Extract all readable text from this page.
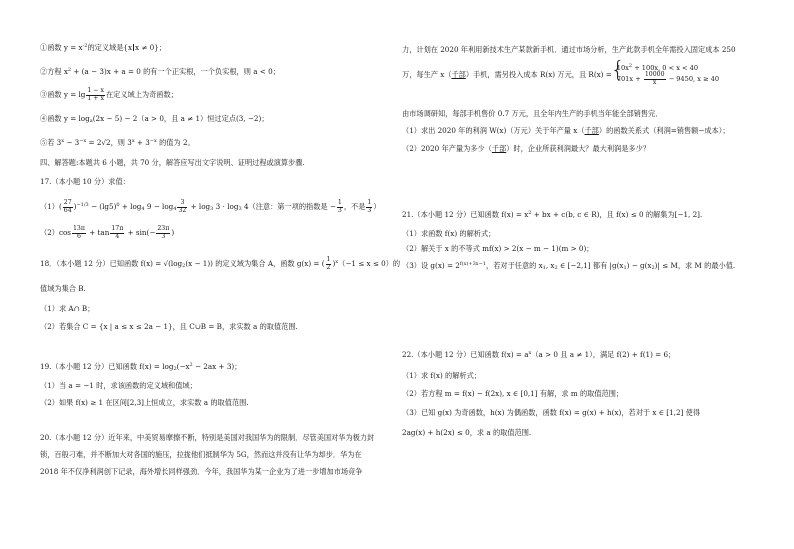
①函数 $y = x^{-2}$的定义域是{x x ≠ 0}；
②方程 $x^2 + (a - 3)x + a = 0$ 的有一个正实根，一个负实根，则 a < 0；
③函数 $y = \lg \frac{1 - x}{1 + x}$ 在定义域上为奇函数；
④函数 $y = \log_a(2x - 5) - 2(a > 0$，且 a ≠ 1）恒过定点(3, −2)；
⑤若 $3^x - 3^{-x} = 2√2$，则 $3^x + 3^{-x}$ 的值为 2。
四、解答题:本题共 6 小题，共 70 分，解答应写出文字说明、证明过程或演算步骤.
17.（本小题 10 分）求值：
$(1)( \frac{27}{64} )^{-1/3} - (\lg 5)^0 + \log_4 9 - \log_4 \frac{3}{32} + \log_3 3 \cdot \log_3 4$（注意：第一项的指数是 − $\frac{1}{3}$ ，不是 $\frac{1}{3}$ ）
$(2)\cos \frac{13\pi}{6} + \tan \frac{17\pi}{4} + \sin(- \frac{23\pi}{3}$ )
18．（本小题 12 分）已知函数 $f(x) = √(\log_2(x - 1))$ 的定义域为集合 A，函数 g(x) = ( $\frac{1}{2} )^x(-1 \le x \le 0)$的
值域为集合 B.
（1）求 A∩ B；
（2）若集合 C = {x | a ≤ x ≤ 2a − 1}，且 C∪B = B，求实数 a 的取值范围.
19.（本小题 12 分）已知函数 $f(x) = \log_2(-x^2 - 2ax + 3)$；
（1）当 a = −1 时，求该函数的定义域和值域；
（2）如果 f(x) ≥ 1 在区间[2,3]上恒成立，求实数 a 的取值范围.
20.（本小题 12 分）近年来，中美贸易摩擦不断，特别是美国对我国华为的限制．尽管美国对华为极力封
锁，百般刁难，并不断加大对各国的施压，拉拢他们抵制华为 5G，然而这并没有让华为却步．华为在
2018 年不仅净利润创下记录，海外增长同样强劲．今年，我国华为某一企业为了进一步增加市场竞争
力，计划在 2020 年利用新技术生产某款新手机．通过市场分析，生产此款手机全年需投入固定成本 250
万，每生产 x（千部）手机，需另投入成本 R(x) 万元，且 R(x) =
{ $10x^2 + 100x$, 0 < x < 40
$701x + \frac{10000}{x} - 9450$, x ≥ 40
由市场调研知，每部手机售价 0.7 万元，且全年内生产的手机当年能全部销售完．
（1）求出 2020 年的利润 W(x)（万元）关于年产量 x（千部）的函数关系式（利润=销售额−成本）；
（2）2020 年产量为多少（千部）时，企业所获利润最大？最大利润是多少？
21.（本小题 12 分）已知函数 $f(x) = x^2$ + bx + c(b, c ∈ R)，且 f(x) ≤ 0 的解集为[−1, 2].
（1）求函数 f(x) 的解析式；
（2）解关于 x 的不等式 mf(x) > 2(x − m − 1)(m > 0)；
（3）设 $g(x) = 2^{f(x)+3x-1}$，若对于任意的 $x_1$, $x_2$ ∈ [−2,1] 都有 $|g(x_1) - g(x_2)| \le M$，求 M 的最小值.
22.（本小题 12 分）已知函数 $f(x) = a^x(a > 0$ 且 a ≠ 1），满足 f(2) + f(1) = 6；
（1）求 f(x) 的解析式；
（2）若方程 m = f(x) − f(2x), x ∈ [0,1] 有解，求 m 的取值范围；
（3）已知 g(x) 为奇函数，h(x) 为偶函数，函数 f(x) = g(x) + h(x)，若对于 x ∈ [1,2] 使得
2ag(x) + h(2x) ≤ 0，求 a 的取值范围.
